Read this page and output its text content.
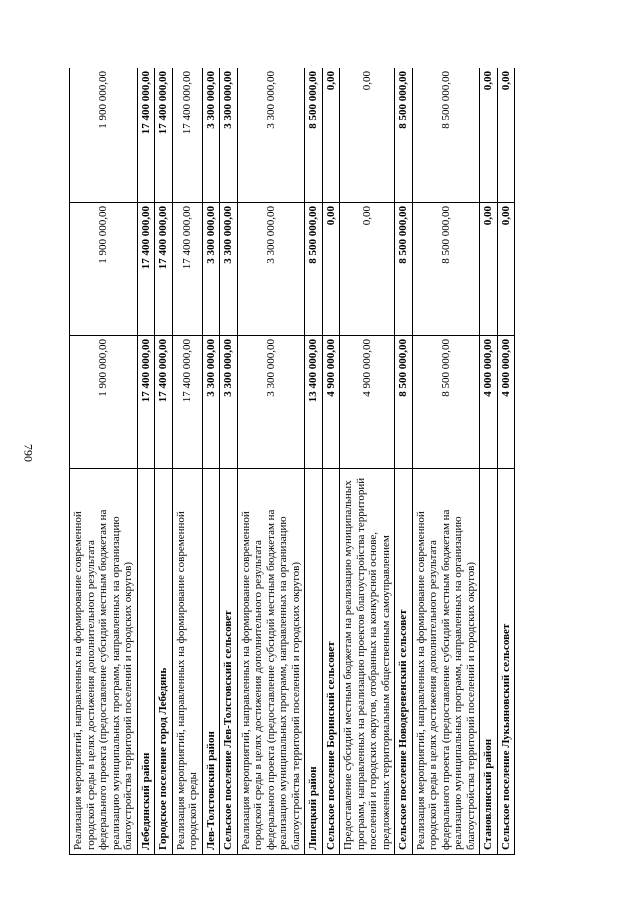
790
Реализация мероприятий, направленных на формирование современной городской среды в целях достижения дополнительного результата федерального проекта (предоставление субсидий местным бюджетам на реализацию муниципальных программ, направленных на организацию благоустройства территорий поселений и городских округов)	1 900 000,00	1 900 000,00	1 900 000,00
Лебедянский район	17 400 000,00	17 400 000,00	17 400 000,00
Городское поселение город Лебедянь	17 400 000,00	17 400 000,00	17 400 000,00
Реализация мероприятий, направленных на формирование современной городской среды	17 400 000,00	17 400 000,00	17 400 000,00
Лев-Толстовский район	3 300 000,00	3 300 000,00	3 300 000,00
Сельское поселение Лев-Толстовский сельсовет	3 300 000,00	3 300 000,00	3 300 000,00
Реализация мероприятий, направленных на формирование современной городской среды в целях достижения дополнительного результата федерального проекта (предоставление субсидий местным бюджетам на реализацию муниципальных программ, направленных на организацию благоустройства территорий поселений и городских округов)	3 300 000,00	3 300 000,00	3 300 000,00
Липецкий район	13 400 000,00	8 500 000,00	8 500 000,00
Сельское поселение Боринский сельсовет	4 900 000,00	0,00	0,00
Предоставление субсидий местным бюджетам на реализацию муниципальных программ, направленных на реализацию проектов благоустройства территорий поселений и городских округов, отобранных на конкурсной основе, предложенных территориальным общественным самоуправлением	4 900 000,00	0,00	0,00
Сельское поселение Новодеревенский сельсовет	8 500 000,00	8 500 000,00	8 500 000,00
Реализация мероприятий, направленных на формирование современной городской среды в целях достижения дополнительного результата федерального проекта (предоставление субсидий местным бюджетам на реализацию муниципальных программ, направленных на организацию благоустройства территорий поселений и городских округов)	8 500 000,00	8 500 000,00	8 500 000,00
Становлянский район	4 000 000,00	0,00	0,00
Сельское поселение Лукьяновский сельсовет	4 000 000,00	0,00	0,00
